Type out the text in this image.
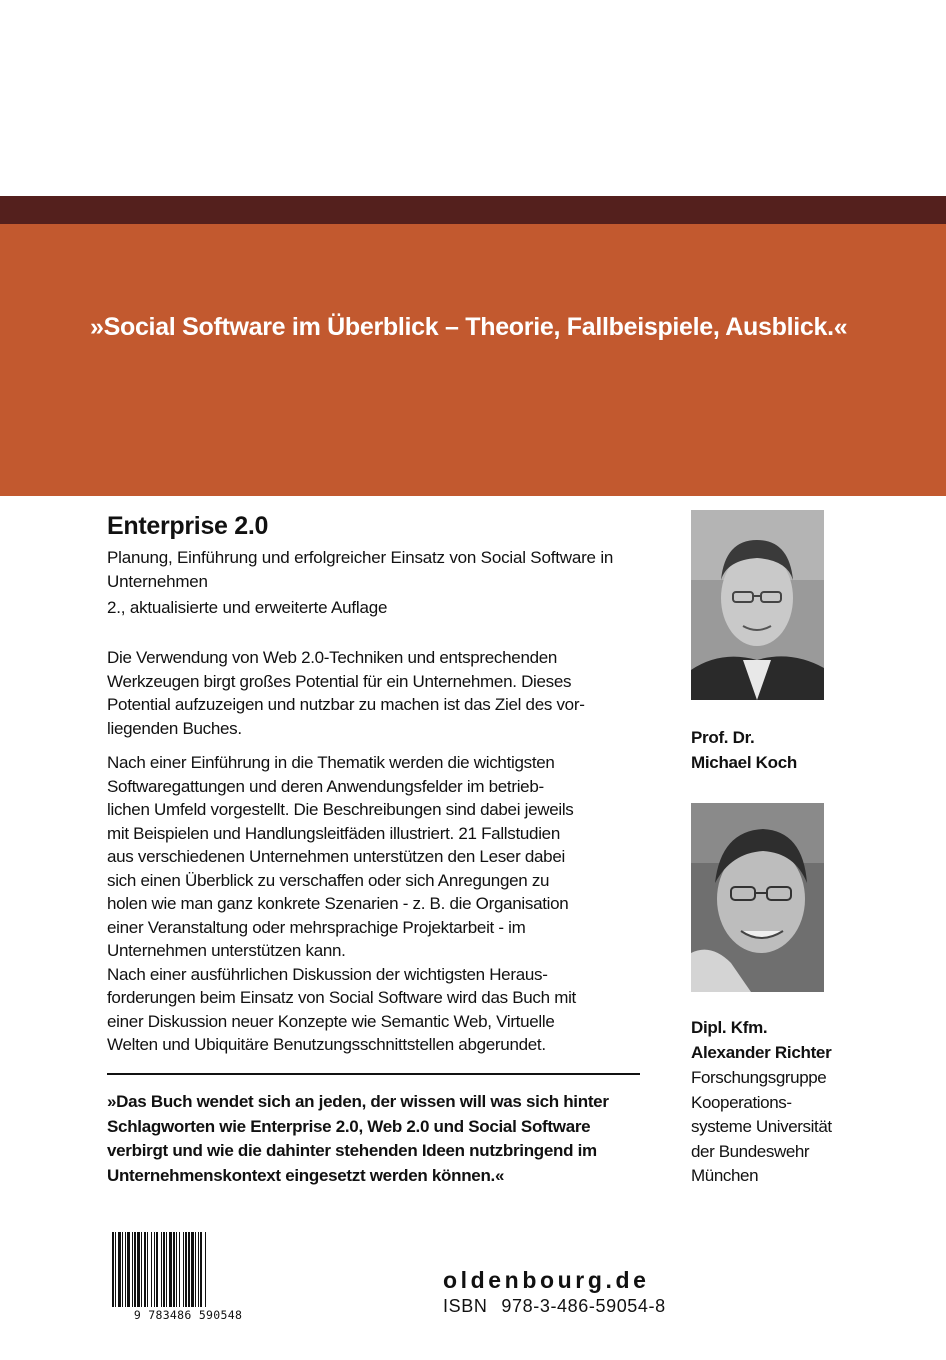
»Social Software im Überblick – Theorie, Fallbeispiele, Ausblick.«
Enterprise 2.0
Planung, Einführung und erfolgreicher Einsatz von Social Software in Unternehmen
2., aktualisierte und erweiterte Auflage
Die Verwendung von Web 2.0-Techniken und entsprechenden
Werkzeugen birgt großes Potential für ein Unternehmen. Dieses
Potential aufzuzeigen und nutzbar zu machen ist das Ziel des vor-
liegenden Buches.
Nach einer Einführung in die Thematik werden die wichtigsten
Softwaregattungen und deren Anwendungsfelder im betrieb-
lichen Umfeld vorgestellt. Die Beschreibungen sind dabei jeweils
mit Beispielen und Handlungsleitfäden illustriert. 21 Fallstudien
aus verschiedenen Unternehmen unterstützen den Leser dabei
sich einen Überblick zu verschaffen oder sich Anregungen zu
holen wie man ganz konkrete Szenarien - z. B. die Organisation
einer Veranstaltung oder mehrsprachige Projektarbeit - im
Unternehmen unterstützen kann.
Nach einer ausführlichen Diskussion der wichtigsten Heraus-
forderungen beim Einsatz von Social Software wird das Buch mit
einer Diskussion neuer Konzepte wie Semantic Web, Virtuelle
Welten und Ubiquitäre Benutzungsschnittstellen abgerundet.
»Das Buch wendet sich an jeden, der wissen will was sich hinter
Schlagworten wie Enterprise 2.0, Web 2.0 und Social Software
verbirgt und wie die dahinter stehenden Ideen nutzbringend im
Unternehmenskontext eingesetzt werden können.«
Prof. Dr.
Michael Koch
Dipl. Kfm.
Alexander Richter
Forschungsgruppe
Kooperations-
systeme Universität
der Bundeswehr
München
9 783486 590548
oldenbourg.de
ISBN 978-3-486-59054-8
